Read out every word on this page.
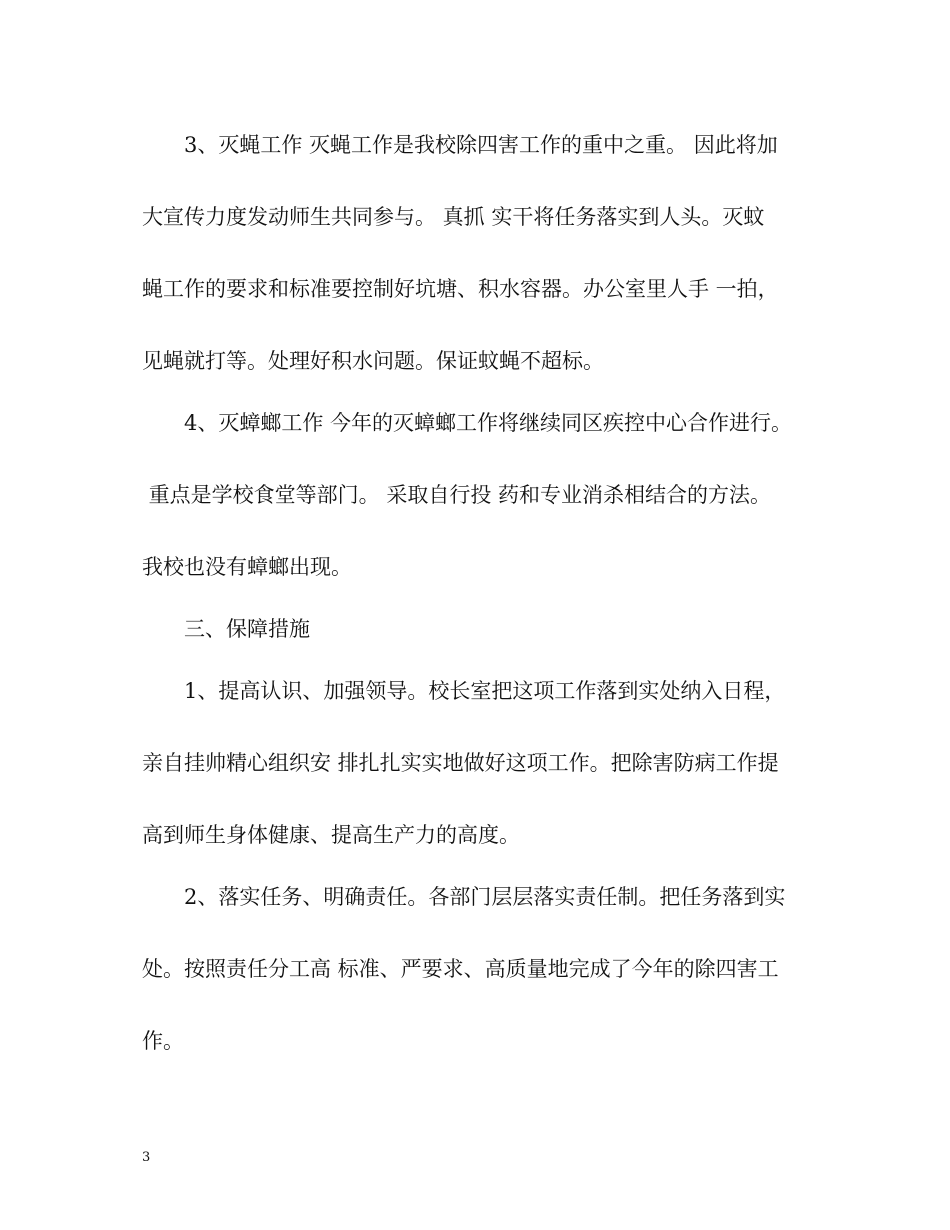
　　3、灭蝇工作 灭蝇工作是我校除四害工作的重中之重。 因此将加
大宣传力度发动师生共同参与。 真抓 实干将任务落实到人头。灭蚊
蝇工作的要求和标准要控制好坑塘、积水容器。办公室里人手 一拍，
见蝇就打等。处理好积水问题。保证蚊蝇不超标。
　　4、灭蟑螂工作 今年的灭蟑螂工作将继续同区疾控中心合作进行。
重点是学校食堂等部门。 采取自行投 药和专业消杀相结合的方法。
我校也没有蟑螂出现。
　　三、保障措施
　　1、提高认识、加强领导。校长室把这项工作落到实处纳入日程，
亲自挂帅精心组织安 排扎扎实实地做好这项工作。把除害防病工作提
高到师生身体健康、提高生产力的高度。
　　2、落实任务、明确责任。各部门层层落实责任制。把任务落到实
处。按照责任分工高 标准、严要求、高质量地完成了今年的除四害工
作。
3
